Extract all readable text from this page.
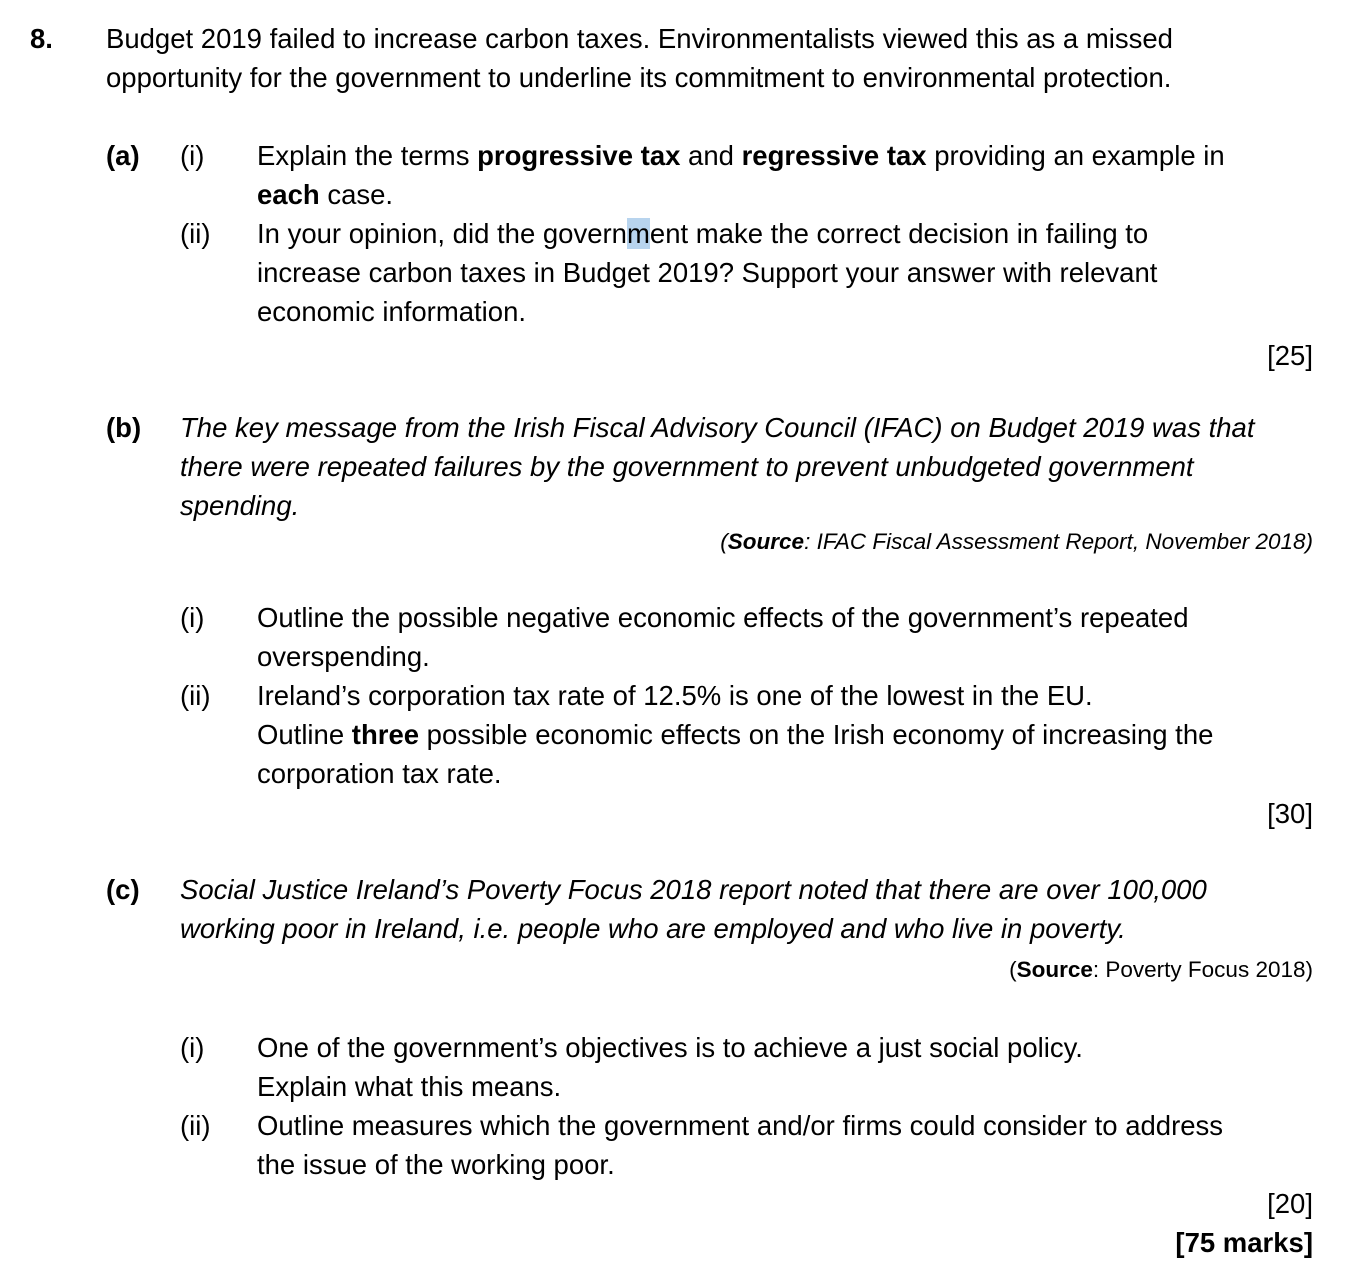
8. Budget 2019 failed to increase carbon taxes. Environmentalists viewed this as a missed
opportunity for the government to underline its commitment to environmental protection.
(a) (i) Explain the terms progressive tax and regressive tax providing an example in
each case.
(ii) In your opinion, did the government make the correct decision in failing to
increase carbon taxes in Budget 2019? Support your answer with relevant
economic information.
[25]
(b) The key message from the Irish Fiscal Advisory Council (IFAC) on Budget 2019 was that
there were repeated failures by the government to prevent unbudgeted government
spending.
(Source: IFAC Fiscal Assessment Report, November 2018)
(i) Outline the possible negative economic effects of the government’s repeated
overspending.
(ii) Ireland’s corporation tax rate of 12.5% is one of the lowest in the EU.
Outline three possible economic effects on the Irish economy of increasing the
corporation tax rate.
[30]
(c) Social Justice Ireland’s Poverty Focus 2018 report noted that there are over 100,000
working poor in Ireland, i.e. people who are employed and who live in poverty.
(Source: Poverty Focus 2018)
(i) One of the government’s objectives is to achieve a just social policy.
Explain what this means.
(ii) Outline measures which the government and/or firms could consider to address
the issue of the working poor.
[20]
[75 marks]
